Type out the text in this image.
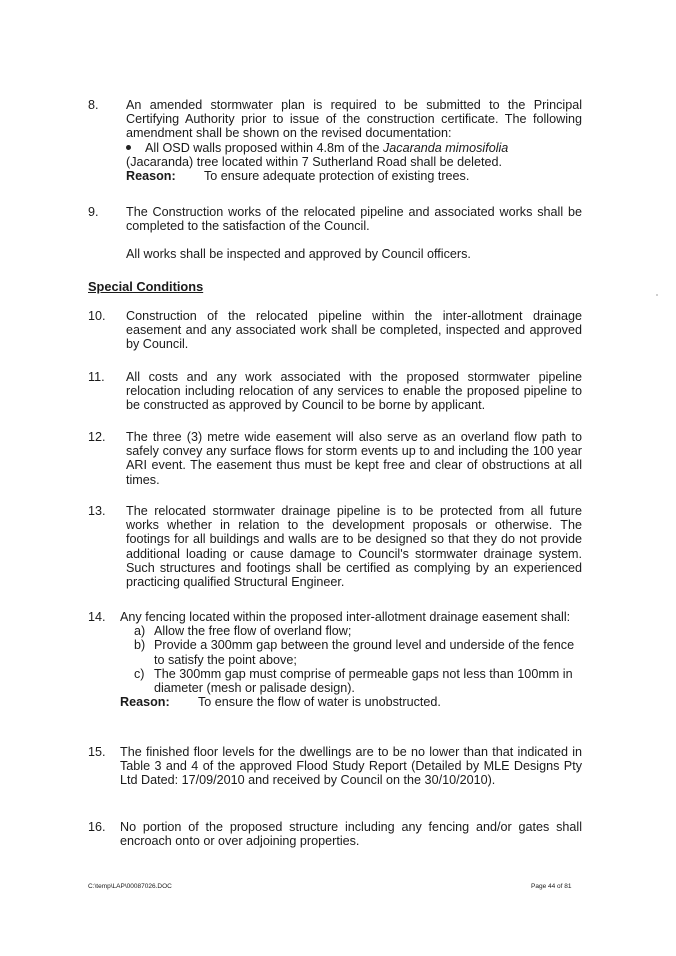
8. An amended stormwater plan is required to be submitted to the Principal Certifying Authority prior to issue of the construction certificate. The following amendment shall be shown on the revised documentation:

All OSD walls proposed within 4.8m of the Jacaranda mimosifolia

(Jacaranda) tree located within 7 Sutherland Road shall be deleted.

Reason:	To ensure adequate protection of existing trees.
9. The Construction works of the relocated pipeline and associated works shall be completed to the satisfaction of the Council.

All works shall be inspected and approved by Council officers.

Special Conditions
10. Construction of the relocated pipeline within the inter-allotment drainage easement and any associated work shall be completed, inspected and approved by Council.

11. All costs and any work associated with the proposed stormwater pipeline relocation including relocation of any services to enable the proposed pipeline to be constructed as approved by Council to be borne by applicant.

12. The three (3) metre wide easement will also serve as an overland flow path to safely convey any surface flows for storm events up to and including the 100 year ARI event. The easement thus must be kept free and clear of obstructions at all times.

13. The relocated stormwater drainage pipeline is to be protected from all future works whether in relation to the development proposals or otherwise. The footings for all buildings and walls are to be designed so that they do not provide additional loading or cause damage to Council's stormwater drainage system. Such structures and footings shall be certified as complying by an experienced practicing qualified Structural Engineer.

14. Any fencing located within the proposed inter-allotment drainage easement shall:

a) Allow the free flow of overland flow;
b) Provide a 300mm gap between the ground level and underside of the fence to satisfy the point above;
c) The 300mm gap must comprise of permeable gaps not less than 100mm in diameter (mesh or palisade design).
Reason:	To ensure the flow of water is unobstructed.
15. The finished floor levels for the dwellings are to be no lower than that indicated in Table 3 and 4 of the approved Flood Study Report (Detailed by MLE Designs Pty Ltd Dated: 17/09/2010 and received by Council on the 30/10/2010).

16. No portion of the proposed structure including any fencing and/or gates shall encroach onto or over adjoining properties.

C:\temp\LAP\00087026.DOC	Page 44 of 81
